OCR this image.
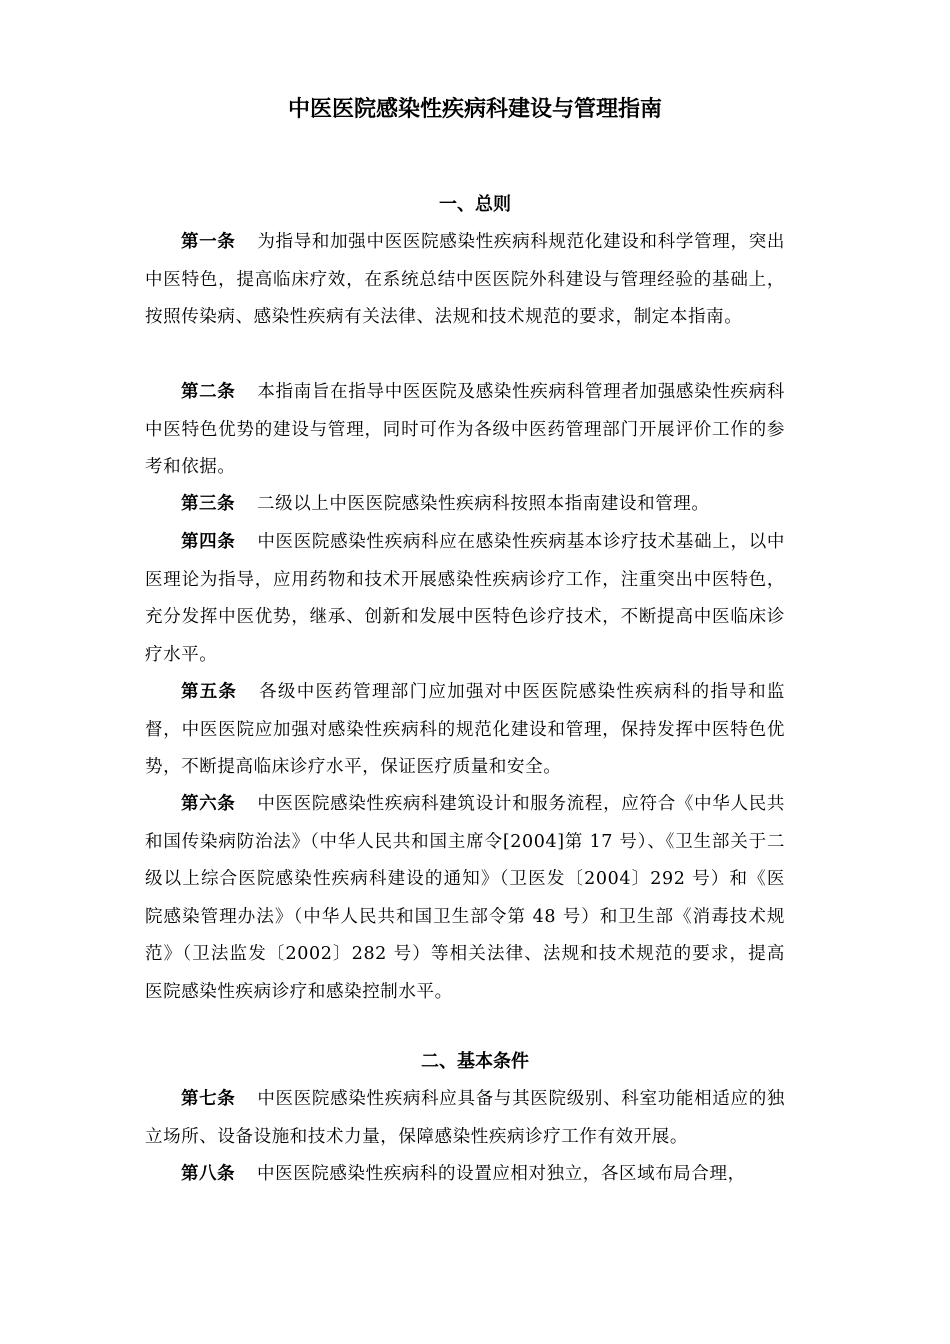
中医医院感染性疾病科建设与管理指南
一、总则

第一条 为指导和加强中医医院感染性疾病科规范化建设和科学管理，突出中医特色，提高临床疗效，在系统总结中医医院外科建设与管理经验的基础上，按照传染病、感染性疾病有关法律、法规和技术规范的要求，制定本指南。

第二条 本指南旨在指导中医医院及感染性疾病科管理者加强感染性疾病科中医特色优势的建设与管理，同时可作为各级中医药管理部门开展评价工作的参考和依据。

第三条 二级以上中医医院感染性疾病科按照本指南建设和管理。

第四条 中医医院感染性疾病科应在感染性疾病基本诊疗技术基础上，以中医理论为指导，应用药物和技术开展感染性疾病诊疗工作，注重突出中医特色，充分发挥中医优势，继承、创新和发展中医特色诊疗技术，不断提高中医临床诊疗水平。

第五条 各级中医药管理部门应加强对中医医院感染性疾病科的指导和监督，中医医院应加强对感染性疾病科的规范化建设和管理，保持发挥中医特色优势，不断提高临床诊疗水平，保证医疗质量和安全。

第六条 中医医院感染性疾病科建筑设计和服务流程，应符合《中华人民共和国传染病防治法》（中华人民共和国主席令[2004]第 17 号）、《卫生部关于二级以上综合医院感染性疾病科建设的通知》（卫医发〔2004〕292 号）和《医院感染管理办法》（中华人民共和国卫生部令第 48 号）和卫生部《消毒技术规范》（卫法监发〔2002〕282 号）等相关法律、法规和技术规范的要求，提高医院感染性疾病诊疗和感染控制水平。

二、基本条件

第七条 中医医院感染性疾病科应具备与其医院级别、科室功能相适应的独立场所、设备设施和技术力量，保障感染性疾病诊疗工作有效开展。

第八条 中医医院感染性疾病科的设置应相对独立，各区域布局合理，
